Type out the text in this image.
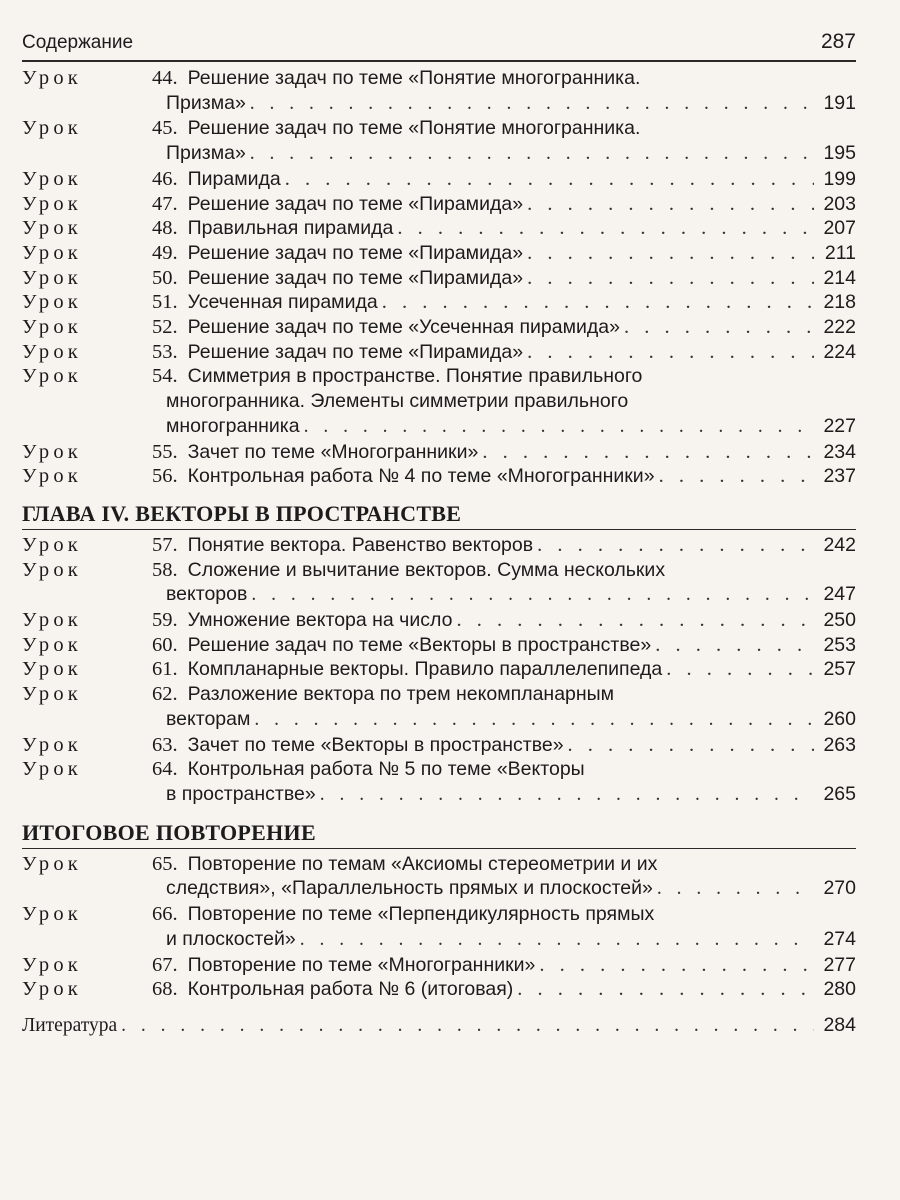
Содержание	287
Урок	44. Решение задач по теме «Понятие многогранника.
Призма» . . .	191
Урок	45. Решение задач по теме «Понятие многогранника.
Призма» . . .	195
Урок	46. Пирамида . . .	199
Урок	47. Решение задач по теме «Пирамида» . . .	203
Урок	48. Правильная пирамида . . .	207
Урок	49. Решение задач по теме «Пирамида» . . .	211
Урок	50. Решение задач по теме «Пирамида» . . .	214
Урок	51. Усеченная пирамида . . .	218
Урок	52. Решение задач по теме «Усеченная пирамида» . . .	222
Урок	53. Решение задач по теме «Пирамида» . . .	224
Урок	54. Симметрия в пространстве. Понятие правильного
многогранника. Элементы симметрии правильного
многогранника . . .	227
Урок	55. Зачет по теме «Многогранники» . . .	234
Урок	56. Контрольная работа № 4 по теме «Многогранники» . . .	237
ГЛАВА IV. ВЕКТОРЫ В ПРОСТРАНСТВЕ
Урок	57. Понятие вектора. Равенство векторов . . .	242
Урок	58. Сложение и вычитание векторов. Сумма нескольких
векторов . . .	247
Урок	59. Умножение вектора на число . . .	250
Урок	60. Решение задач по теме «Векторы в пространстве» . . .	253
Урок	61. Компланарные векторы. Правило параллелепипеда . . .	257
Урок	62. Разложение вектора по трем некомпланарным
векторам . . .	260
Урок	63. Зачет по теме «Векторы в пространстве» . . .	263
Урок	64. Контрольная работа № 5 по теме «Векторы
в пространстве» . . .	265
ИТОГОВОЕ ПОВТОРЕНИЕ
Урок	65. Повторение по темам «Аксиомы стереометрии и их
следствия», «Параллельность прямых и плоскостей» . . .	270
Урок	66. Повторение по теме «Перпендикулярность прямых
и плоскостей» . . .	274
Урок	67. Повторение по теме «Многогранники» . . .	277
Урок	68. Контрольная работа № 6 (итоговая) . . .	280
Литература . . .	284
